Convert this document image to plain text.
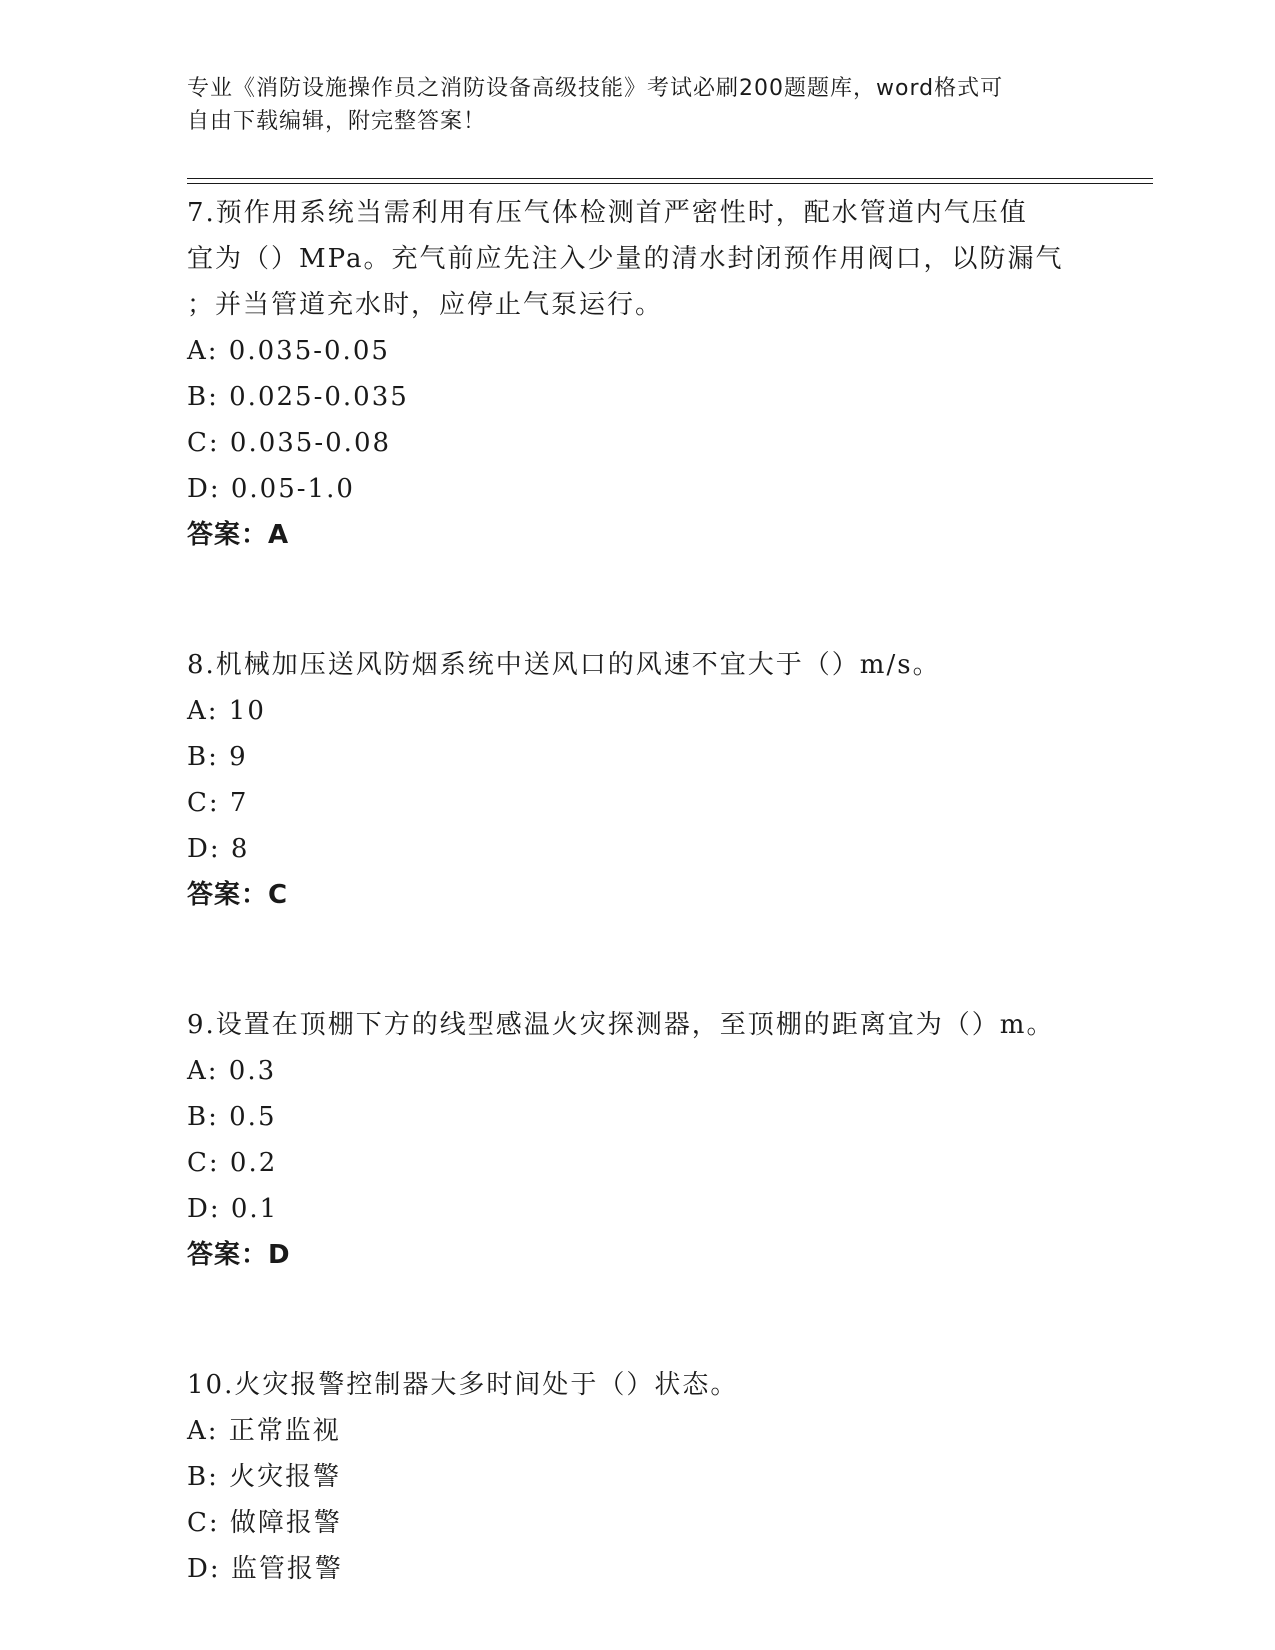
专业《消防设施操作员之消防设备高级技能》考试必刷200题题库，word格式可
自由下载编辑，附完整答案！
7.预作用系统当需利用有压气体检测首严密性时，配水管道内气压值
宜为（）MPa。充气前应先注入少量的清水封闭预作用阀口，以防漏气
；并当管道充水时，应停止气泵运行。
A: 0.035-0.05
B: 0.025-0.035
C: 0.035-0.08
D: 0.05-1.0
答案：A
8.机械加压送风防烟系统中送风口的风速不宜大于（）m/s。
A: 10
B: 9
C: 7
D: 8
答案：C
9.设置在顶棚下方的线型感温火灾探测器，至顶棚的距离宜为（）m。
A: 0.3
B: 0.5
C: 0.2
D: 0.1
答案：D
10.火灾报警控制器大多时间处于（）状态。
A: 正常监视
B: 火灾报警
C: 做障报警
D: 监管报警
